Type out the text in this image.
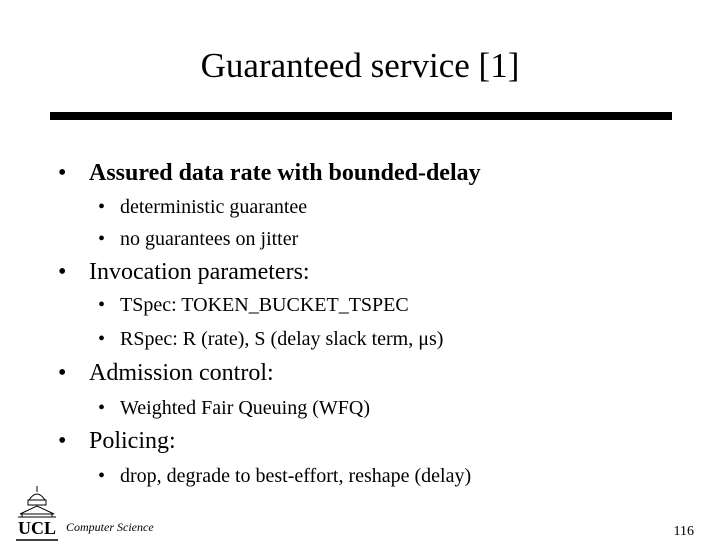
Guaranteed service [1]
• Assured data rate with bounded-delay
• deterministic guarantee
• no guarantees on jitter
• Invocation parameters:
• TSpec: TOKEN_BUCKET_TSPEC
• RSpec: R (rate), S (delay slack term, μs)
• Admission control:
• Weighted Fair Queuing (WFQ)
• Policing:
• drop, degrade to best-effort, reshape (delay)
UCL Computer Science	116
